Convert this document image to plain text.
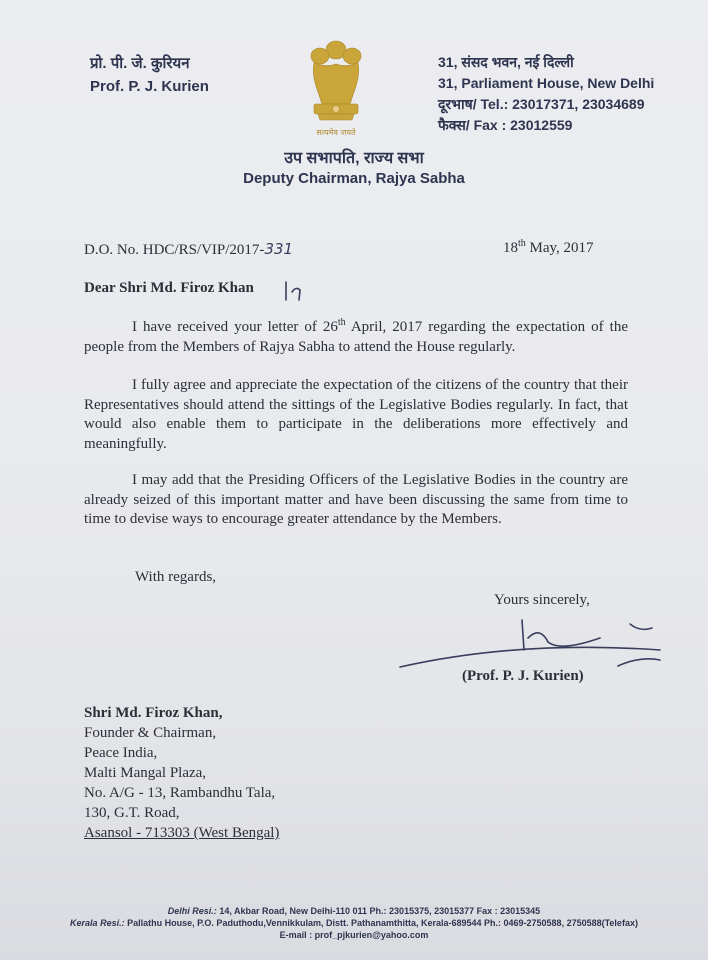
प्रो. पी. जे. कुरियन
Prof. P. J. Kurien
सत्यमेव जयते
31, संसद भवन, नई दिल्ली
31, Parliament House, New Delhi
दूरभाष/ Tel.: 23017371, 23034689
फैक्स/ Fax : 23012559
उप सभापति, राज्य सभा
Deputy Chairman, Rajya Sabha
D.O. No. HDC/RS/VIP/2017-331	18th May, 2017
Dear Shri Md. Firoz Khan
I have received your letter of 26th April, 2017 regarding the expectation of the people from the Members of Rajya Sabha to attend the House regularly.
I fully agree and appreciate the expectation of the citizens of the country that their Representatives should attend the sittings of the Legislative Bodies regularly. In fact, that would also enable them to participate in the deliberations more effectively and meaningfully.
I may add that the Presiding Officers of the Legislative Bodies in the country are already seized of this important matter and have been discussing the same from time to time to devise ways to encourage greater attendance by the Members.
With regards,
Yours sincerely,
(Prof. P. J. Kurien)
Shri Md. Firoz Khan,
Founder & Chairman,
Peace India,
Malti Mangal Plaza,
No. A/G - 13, Rambandhu Tala,
130, G.T. Road,
Asansol - 713303 (West Bengal)
Delhi Resi.: 14, Akbar Road, New Delhi-110 011 Ph.: 23015375, 23015377 Fax : 23015345
Kerala Resi.: Pallathu House, P.O. Paduthodu,Vennikkulam, Distt. Pathanamthitta, Kerala-689544 Ph.: 0469-2750588, 2750588(Telefax)
E-mail : prof_pjkurien@yahoo.com
